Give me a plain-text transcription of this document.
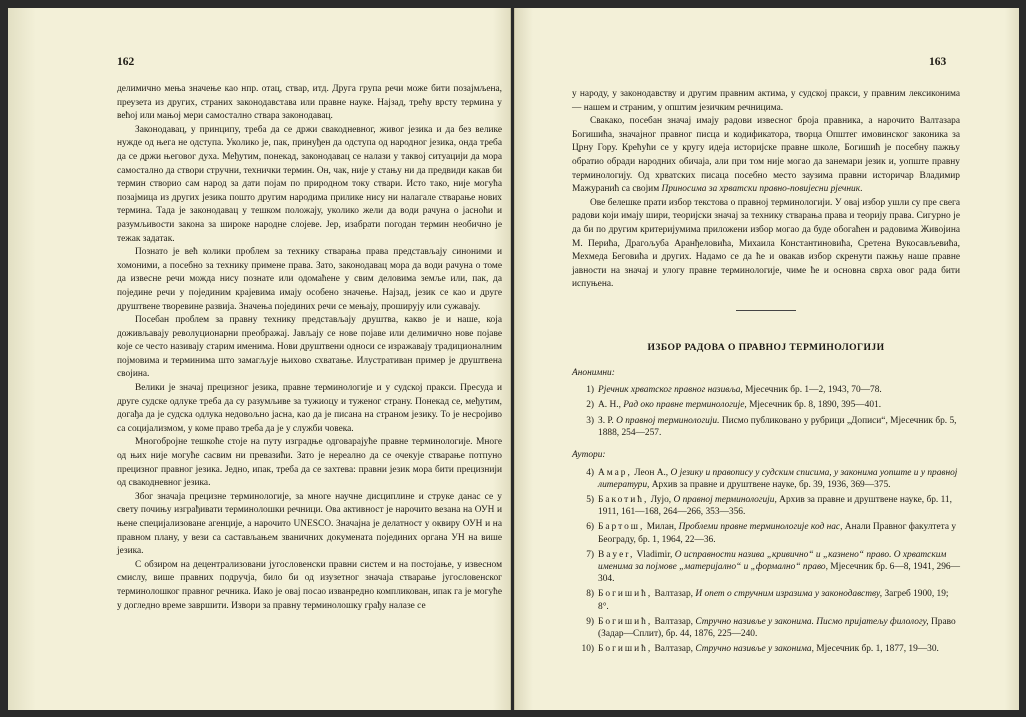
162

делимично мења значење као нпр. отац, ствар, итд. Друга група речи може бити позајмљена, преузета из других, страних законодавстава или правне науке. Најзад, трећу врсту термина у већој или мањој мери самостално ствара законодавац.

Законодавац, у принципу, треба да се држи свакодневног, живог језика и да без велике нужде од њега не одступа. Уколико је, пак, принуђен да одступа од народног језика, онда треба да се држи његовог духа. Међутим, понекад, законодавац се налази у таквој ситуацији да мора самостално да створи стручни, технички термин. Он, чак, није у стању ни да предвиди какав би термин створио сам народ за дати појам по природном току ствари. Исто тако, није могућа позајмица из других језика пошто другим народима прилике нису ни налагале стварање нових термина. Тада је законодавац у тешком положају, уколико жели да води рачуна о јасноћи и разумљивости закона за широке народне слојеве. Јер, изабрати погодан термин необично је тежак задатак.

Познато је већ колики проблем за технику стварања права представљају синоними и хомоними, а посебно за технику примене права. Зато, законодавац мора да води рачуна о томе да извесне речи можда нису познате или одомаћене у свим деловима земље или, пак, да поједине речи у појединим крајевима имају особено значење. Најзад, језик се као и друге друштвене творевине развија. Значења појединих речи се мењају, проширују или сужавају.

Посебан проблем за правну технику представљају друштва, какво је и наше, која доживљавају револуционарни преображај. Јављају се нове појаве или делимично нове појаве које се често називају старим именима. Нови друштвени односи се изражавају традиционалним појмовима и терминима што замагљује њихово схватање. Илустративан пример је друштвена својина.

Велики је значај прецизног језика, правне терминологије и у судској пракси. Пресуда и друге судске одлуке треба да су разумљиве за тужиоцу и туженог страну. Понекад се, међутим, догађа да је судска одлука недовољно јасна, као да је писана на страном језику. То је несројиво са социјализмом, у коме право треба да је у служби човека.

Многобројне тешкоће стоје на путу изградње одговарајуће правне терминологије. Многе од њих није могуће сасвим ни превазићи. Зато је нереално да се очекује стварање потпуно прецизног правног језика. Једно, ипак, треба да се захтева: правни језик мора бити прецизнији од свакодневног језика.

Због значаја прецизне терминологије, за многе научне дисциплине и струке данас се у свету почињу изграђивати терминолошки речници. Ова активност је нарочито везана на ОУН и њене специјализоване агенције, а нарочито UNESCO. Значајна је делатност у оквиру ОУН и на правном плану, у вези са састављањем званичних докумената појединих органа УН на више језика.

С обзиром на децентрализовани југословенски правни систем и на постојање, у извесном смислу, више правних подручја, било би од изузетног значаја стварање југословенског терминолошког правног речника. Иако је овај посао изванредно компликован, ипак га је могуће у догледно време завршити. Извори за правну терминолошку грађу налазе се

163

у народу, у законодавству и другим правним актима, у судској пракси, у правним лексиконима — нашем и страним, у општим језичким речницима.

Свакако, посебан значај имају радови извесног броја правника, а нарочито Валтазара Богишића, значајног правног писца и кодификатора, творца Општег имовинског законика за Црну Гору. Крећући се у кругу идеја историјске правне школе, Богишић је посебну пажњу обратио обради народних обичаја, али при том није могао да занемари језик и, уопште правну терминологију. Од хрватских писаца посебно место заузима правни историчар Владимир Мажуранић са својим Приносима за хрватски правно-повијесни рјечник.

Ове белешке прати избор текстова о правној терминологији. У овај избор ушли су пре свега радови који имају шири, теоријски значај за технику стварања права и теорију права. Сигурно је да би по другим критеријумима приложени избор могао да буде обогаћен и радовима Живојина М. Перића, Драгољуба Аранђеловића, Михаила Константиновића, Сретена Вукосављевића, Мехмеда Беговића и других. Надамо се да ће и овакав избор скренути пажњу наше правне јавности на значај и улогу правне терминологије, чиме ће и основна сврха овог рада бити испуњена.

ИЗБОР РАДОВА О ПРАВНОЈ ТЕРМИНОЛОГИЈИ
Анонимни:
1) Рјечник хрватског правног називља, Мјесечник бр. 1—2, 1943, 70—78.
2) А. Н., Рад око правне терминологије, Мјесечник бр. 8, 1890, 395—401.
3) З. Р. О правној терминологији. Писмо публиковано у рубрици „Дописи“, Мјесечник бр. 5, 1888, 254—257.
Аутори:
4) Амар, Леон А., О језику и правопису у судским списима, у законима уопште и у правној литератури, Архив за правне и друштвене науке, бр. 39, 1936, 369—375.
5) Бакотић, Лујо, О правној терминологији, Архив за правне и друштвене науке, бр. 11, 1911, 161—168, 264—266, 353—356.
6) Бартош, Милан, Проблеми правне терминологије код нас, Анали Правног факултета у Београду, бр. 1, 1964, 22—36.
7) Bayer, Vladimir, О исправности назива „кривично“ и „казнено“ право. О хрватским именима за појмове „материјално“ и „формално“ право, Мјесечник бр. 6—8, 1941, 296—304.
8) Богишић, Валтазар, И опет о стручним изразима у законодавству, Загреб 1900, 19; 8°.
9) Богишић, Валтазар, Стручно називље у законима. Писмо пријатељу филологу, Право (Задар—Сплит), бр. 44, 1876, 225—240.
10) Богишић, Валтазар, Стручно називље у законима, Мјесечник бр. 1, 1877, 19—30.
